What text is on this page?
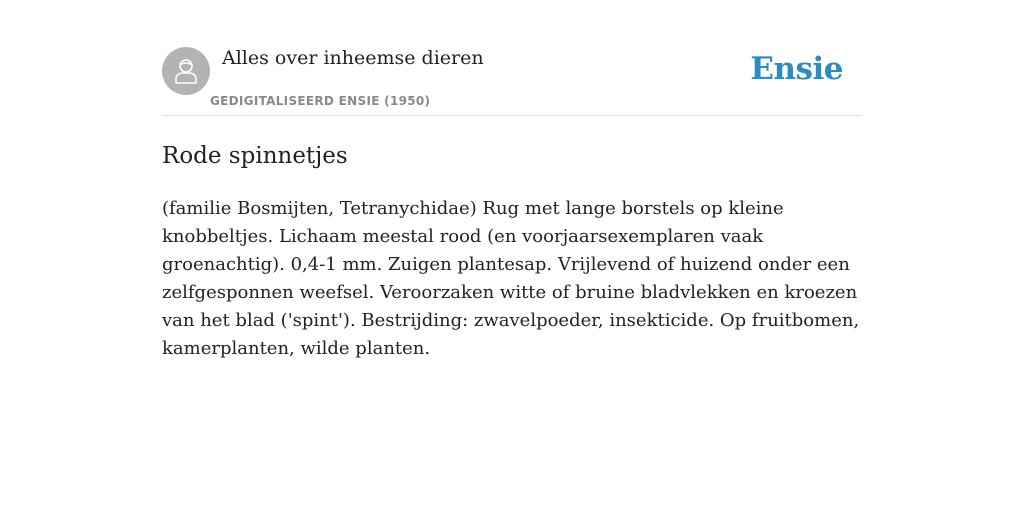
Alles over inheemse dieren
GEDIGITALISEERD ENSIE (1950)
Ensie
Rode spinnetjes

(familie Bosmijten, Tetranychidae) Rug met lange borstels op kleine knobbeltjes. Lichaam meestal rood (en voorjaarsexemplaren vaak groenachtig). 0,4-1 mm. Zuigen plantesap. Vrijlevend of huizend onder een zelfgesponnen weefsel. Veroorzaken witte of bruine bladvlekken en kroezen van het blad ('spint'). Bestrijding: zwavelpoeder, insekticide. Op fruitbomen, kamerplanten, wilde planten.
